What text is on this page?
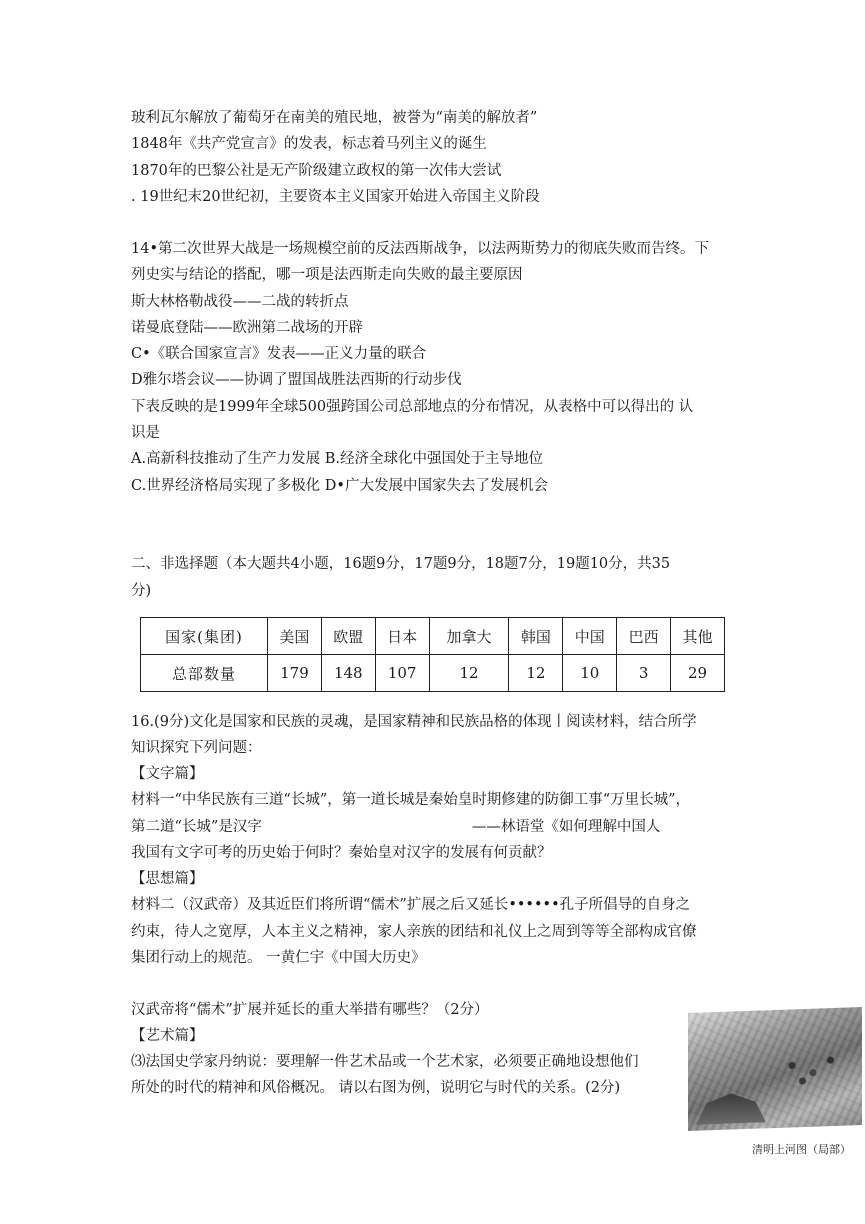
玻利瓦尔解放了葡萄牙在南美的殖民地，被誉为“南美的解放者”
1848年《共产党宣言》的发表，标志着马列主义的诞生
1870年的巴黎公社是无产阶级建立政权的第一次伟大尝试
. 19世纪末20世纪初，主要资本主义国家开始进入帝国主义阶段
14•第二次世界大战是一场规模空前的反法西斯战争，以法两斯势力的彻底失败而告终。下
列史实与结论的搭配，哪一项是法西斯走向失败的最主要原因
斯大林格勒战役——二战的转折点
诺曼底登陆——欧洲第二战场的开辟
C•《联合国家宣言》发表——正义力量的联合
D雅尔塔会议——协调了盟国战胜法西斯的行动步伐
下表反映的是1999年全球500强跨国公司总部地点的分布情况，从表格中可以得出的 认
识是
A.高新科技推动了生产力发展 B.经济全球化中强国处于主导地位
C.世界经济格局实现了多极化 D•广大发展中国家失去了发展机会
二、非选择题（本大题共4小题，16题9分，17题9分，18题7分，19题10分，共35
分)
国家(集团)	美国	欧盟	日本	加拿大	韩国	中国	巴西	其他
总部数量	179	148	107	12	12	10	3	29
16.(9分)文化是国家和民族的灵魂，是国家精神和民族品格的体现丨阅读材料，结合所学
知识探究下列问题：
【文字篇】
材料一“中华民族有三道“长城”，第一道长城是秦始皇时期修建的防御工事“万里长城”，
第二道“长城”是汉字	——林语堂《如何理解中国人
我国有文字可考的历史始于何时？秦始皇对汉字的发展有何贡献？
【思想篇】
材料二（汉武帝）及其近臣们将所谓“儒术”扩展之后又延长••••••孔子所倡导的自身之
约束，待人之宽厚，人本主义之精神，家人亲族的团结和礼仪上之周到等等全部构成官僚
集团行动上的规范。 一黄仁宇《中国大历史》
汉武帝将“儒术”扩展并延长的重大举措有哪些？（2分）
【艺术篇】
⑶法国史学家丹纳说：要理解一件艺术品或一个艺术家，必须要正确地设想他们
所处的时代的精神和风俗概况。 请以右图为例，说明它与时代的关系。(2分)
清明上河图（局部）
